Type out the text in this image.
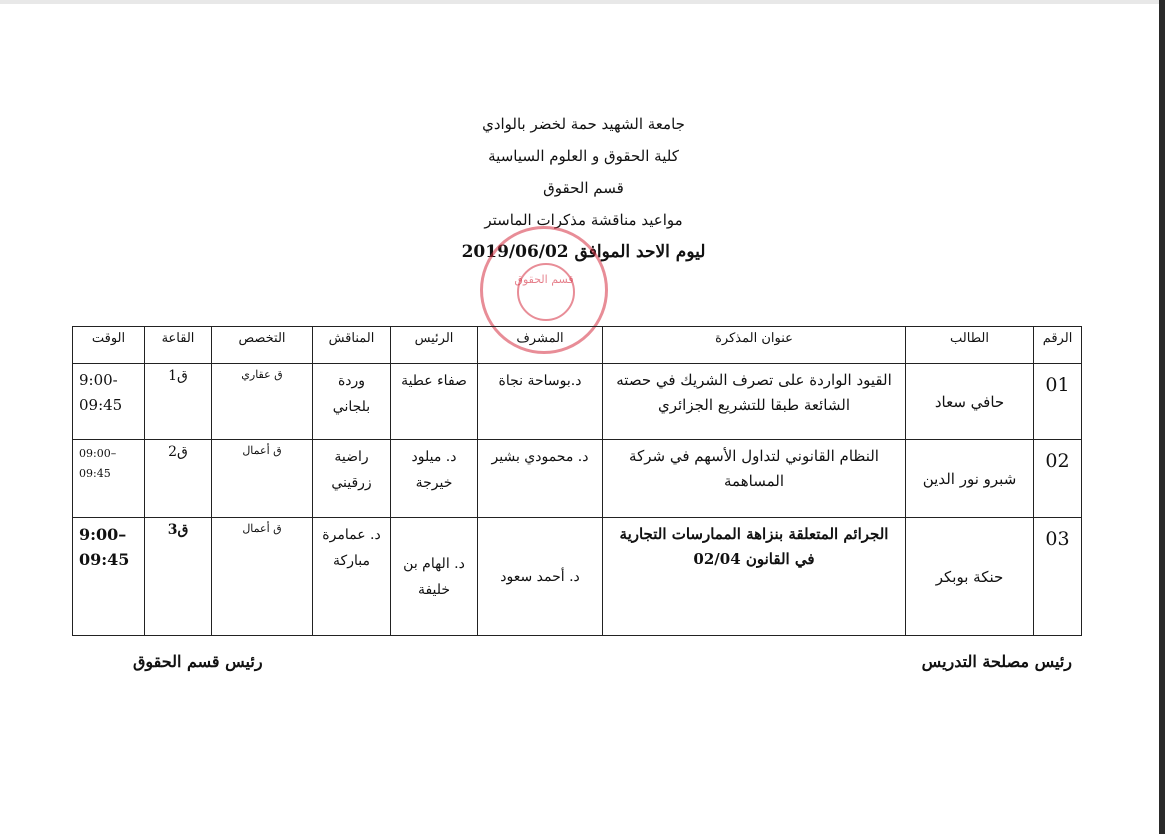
جامعة الشهيد حمة لخضر بالوادي
كلية الحقوق و العلوم السياسية
قسم الحقوق
مواعيد مناقشة مذكرات الماستر
ليوم الاحد الموافق 2019/06/02
قسم الحقوق
الرقم	الطالب	عنوان المذكرة	المشرف	الرئيس	المناقش	التخصص	القاعة	الوقت
01	حافي سعاد	القيود الواردة على تصرف الشريك في حصته الشائعة طبقا للتشريع الجزائري	د.بوساحة نجاة	صفاء عطية	وردة بلجاني	ق عقاري	ق1	9:00- 09:45
02	شبرو نور الدين	النظام القانوني لتداول الأسهم في شركة المساهمة	د. محمودي بشير	د. ميلود خيرجة	راضية زرقيني	ق أعمال	ق2	09:00– 09:45
03	حنكة بوبكر	الجرائم المتعلقة بنزاهة الممارسات التجارية في القانون 02/04	د. أحمد سعود	د. الهام بن خليفة	د. عمامرة مباركة	ق أعمال	ق3	9:00– 09:45
رئيس مصلحة التدريس
رئيس قسم الحقوق
